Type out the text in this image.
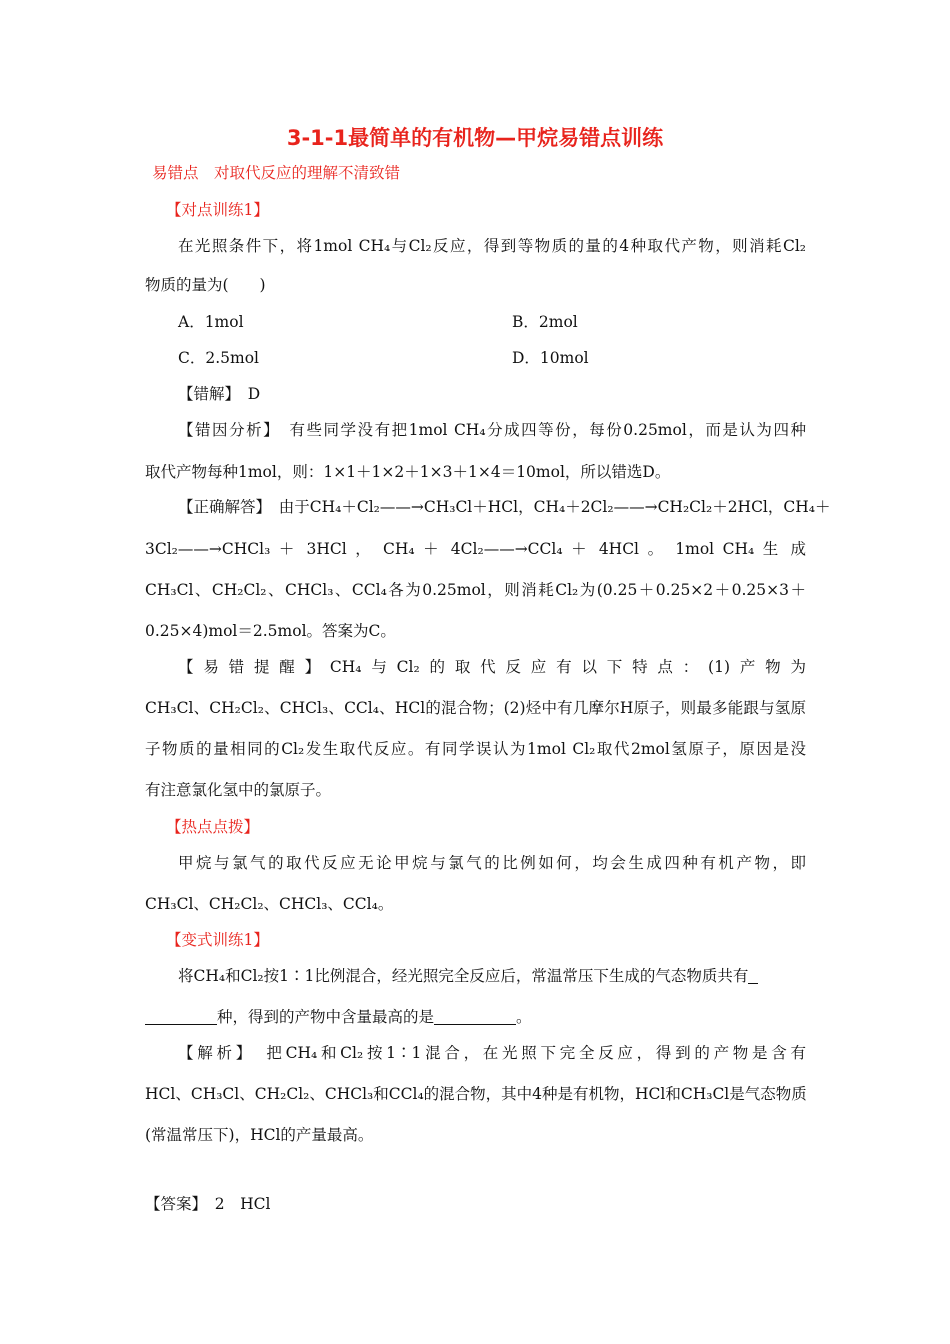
3-1-1最简单的有机物—甲烷易错点训练
易错点　对取代反应的理解不清致错
【对点训练1】
在光照条件下，将1mol CH₄与Cl₂反应，得到等物质的量的4种取代产物，则消耗Cl₂
物质的量为(　　)
A．1mol	B．2mol
C．2.5mol	D．10mol
【错解】　D
【错因分析】　有些同学没有把1mol CH₄分成四等份，每份0.25mol，而是认为四种
取代产物每种1mol，则：1×1＋1×2＋1×3＋1×4＝10mol，所以错选D。
【正确解答】　由于CH₄＋Cl₂——→CH₃Cl＋HCl，CH₄＋2Cl₂——→CH₂Cl₂＋2HCl，CH₄＋
3Cl₂——→CHCl₃ ＋ 3HCl ， CH₄ ＋ 4Cl₂——→CCl₄ ＋ 4HCl 。 1mol CH₄ 生 成
CH₃Cl、CH₂Cl₂、CHCl₃、CCl₄各为0.25mol，则消耗Cl₂为(0.25＋0.25×2＋0.25×3＋
0.25×4)mol＝2.5mol。答案为C。
【易错提醒】CH₄与Cl₂的取代反应有以下特点：(1)产物为
CH₃Cl、CH₂Cl₂、CHCl₃、CCl₄、HCl的混合物；(2)烃中有几摩尔H原子，则最多能跟与氢原
子物质的量相同的Cl₂发生取代反应。有同学误认为1mol Cl₂取代2mol氢原子，原因是没
有注意氯化氢中的氯原子。
【热点点拨】
甲烷与氯气的取代反应无论甲烷与氯气的比例如何，均会生成四种有机产物，即
CH₃Cl、CH₂Cl₂、CHCl₃、CCl₄。
【变式训练1】
将CH₄和Cl₂按1∶1比例混合，经光照完全反应后，常温常压下生成的气态物质共有
种，得到的产物中含量最高的是	。
【解析】　把CH₄和Cl₂按1∶1混合，在光照下完全反应，得到的产物是含有
HCl、CH₃Cl、CH₂Cl₂、CHCl₃和CCl₄的混合物，其中4种是有机物，HCl和CH₃Cl是气态物质
(常温常压下)，HCl的产量最高。
【答案】　2　HCl
